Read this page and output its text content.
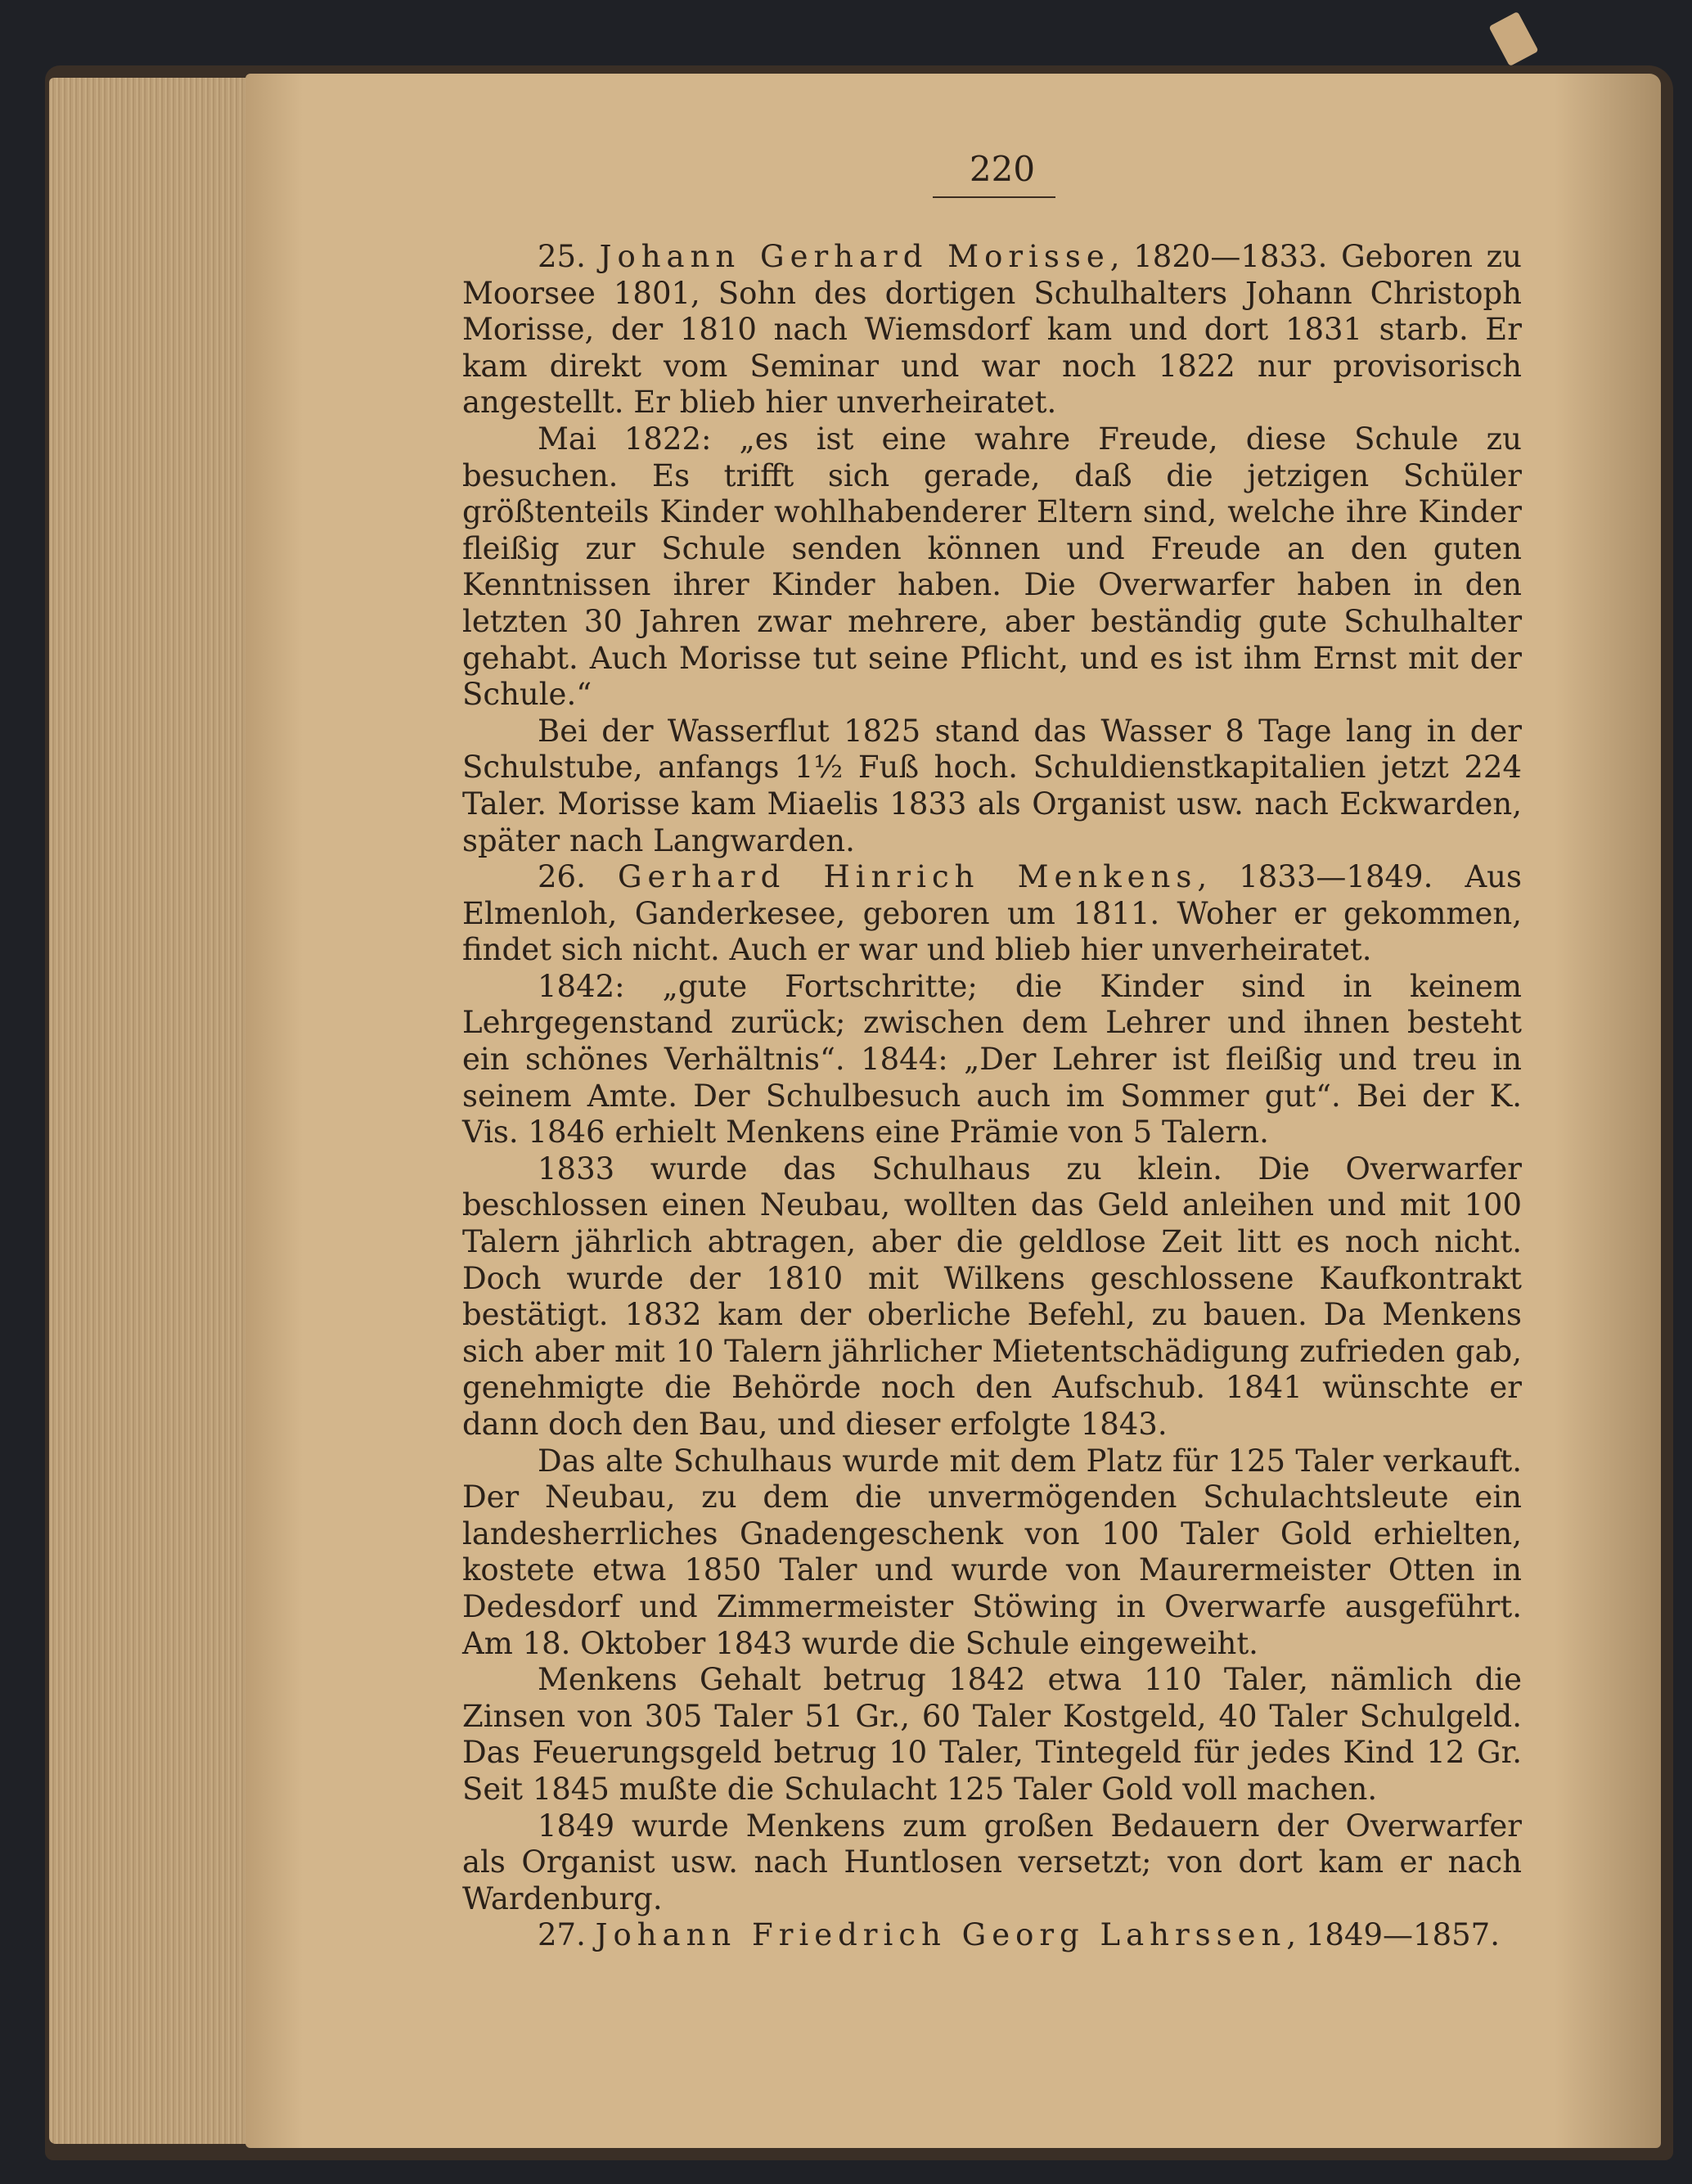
220

25. Johann Gerhard Morisse, 1820—1833. Geboren zu Moorsee 1801, Sohn des dortigen Schulhalters Johann Christoph Morisse, der 1810 nach Wiemsdorf kam und dort 1831 starb. Er kam direkt vom Seminar und war noch 1822 nur provisorisch angestellt. Er blieb hier unverheiratet.

Mai 1822: „es ist eine wahre Freude, diese Schule zu besuchen. Es trifft sich gerade, daß die jetzigen Schüler größtenteils Kinder wohlhabenderer Eltern sind, welche ihre Kinder fleißig zur Schule senden können und Freude an den guten Kenntnissen ihrer Kinder haben. Die Overwarfer haben in den letzten 30 Jahren zwar mehrere, aber beständig gute Schulhalter gehabt. Auch Morisse tut seine Pflicht, und es ist ihm Ernst mit der Schule.“

Bei der Wasserflut 1825 stand das Wasser 8 Tage lang in der Schulstube, anfangs 1½ Fuß hoch. Schuldienstkapitalien jetzt 224 Taler. Morisse kam Miaelis 1833 als Organist usw. nach Eckwarden, später nach Langwarden.

26. Gerhard Hinrich Menkens, 1833—1849. Aus Elmenloh, Ganderkesee, geboren um 1811. Woher er gekommen, findet sich nicht. Auch er war und blieb hier unverheiratet.

1842: „gute Fortschritte; die Kinder sind in keinem Lehrgegenstand zurück; zwischen dem Lehrer und ihnen besteht ein schönes Verhältnis“. 1844: „Der Lehrer ist fleißig und treu in seinem Amte. Der Schulbesuch auch im Sommer gut“. Bei der K. Vis. 1846 erhielt Menkens eine Prämie von 5 Talern.

1833 wurde das Schulhaus zu klein. Die Overwarfer beschlossen einen Neubau, wollten das Geld anleihen und mit 100 Talern jährlich abtragen, aber die geldlose Zeit litt es noch nicht. Doch wurde der 1810 mit Wilkens geschlossene Kaufkontrakt bestätigt. 1832 kam der oberliche Befehl, zu bauen. Da Menkens sich aber mit 10 Talern jährlicher Mietentschädigung zufrieden gab, genehmigte die Behörde noch den Aufschub. 1841 wünschte er dann doch den Bau, und dieser erfolgte 1843.

Das alte Schulhaus wurde mit dem Platz für 125 Taler verkauft. Der Neubau, zu dem die unvermögenden Schulachtsleute ein landesherrliches Gnadengeschenk von 100 Taler Gold erhielten, kostete etwa 1850 Taler und wurde von Maurermeister Otten in Dedesdorf und Zimmermeister Stöwing in Overwarfe ausgeführt. Am 18. Oktober 1843 wurde die Schule eingeweiht.

Menkens Gehalt betrug 1842 etwa 110 Taler, nämlich die Zinsen von 305 Taler 51 Gr., 60 Taler Kostgeld, 40 Taler Schulgeld. Das Feuerungsgeld betrug 10 Taler, Tintegeld für jedes Kind 12 Gr. Seit 1845 mußte die Schulacht 125 Taler Gold voll machen.

1849 wurde Menkens zum großen Bedauern der Overwarfer als Organist usw. nach Huntlosen versetzt; von dort kam er nach Wardenburg.

27. Johann Friedrich Georg Lahrssen, 1849—1857.
